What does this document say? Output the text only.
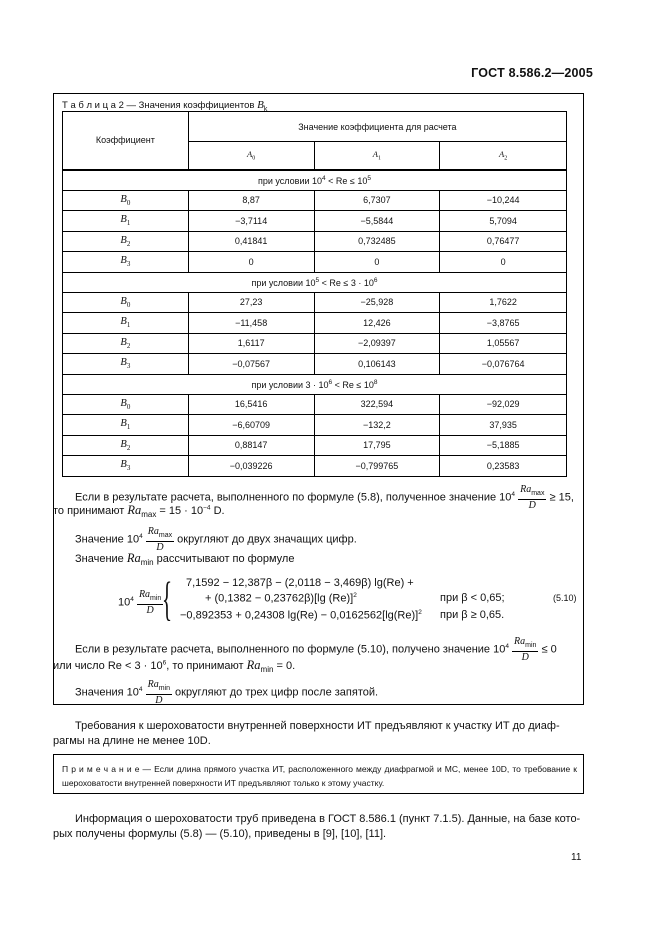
ГОСТ 8.586.2—2005
Т а б л и ц а 2 — Значения коэффициентов $B_k$
Коэффициент	Значение коэффициента для расчета		
	$A_0$	$A_1$	$A_2$
при условии $10^4 < Re \le 10^5$
$B_0$	8,87	6,7307	−10,244
$B_1$	−3,7114	−5,5844	5,7094
$B_2$	0,41841	0,732485	0,76477
$B_3$	0	0	0
при условии $10^5 < Re \le 3 \cdot 10^6$
$B_0$	27,23	−25,928	1,7622
$B_1$	−11,458	12,426	−3,8765
$B_2$	1,6117	−2,09397	1,05567
$B_3$	−0,07567	0,106143	−0,076764
при условии $3 \cdot 10^6 < Re \le 10^8$
$B_0$	16,5416	322,594	−92,029
$B_1$	−6,60709	−132,2	37,935
$B_2$	0,88147	17,795	−5,1885
$B_3$	−0,039226	−0,799765	0,23583
Если в результате расчета, выполненного по формуле (5.8), полученное значение $10^4 \frac{Ra_{max}}{D} \ge 15$,
то принимают $Ra_{max} = 15 \cdot 10^{-4}$ D.
Значение $10^4 \frac{Ra_{max}}{D}$ округляют до двух значащих цифр.
Значение $Ra_{min}$ рассчитывают по формуле
$10^4 \frac{Ra_{min}}{D}$
{ 7,1592 − 12,387β − (2,0118 − 3,469β) lg(Re) +
+ (0,1382 − 0,23762β)[lg (Re)]$^2$
−0,892353 + 0,24308 $\lg(Re) - 0,0162562[\lg(Re)]^2$
при β < 0,65;
при β ≥ 0,65.
(5.10)
Если в результате расчета, выполненного по формуле (5.10), получено значение $10^4 \frac{Ra_{min}}{D} \le 0$
или число $Re < 3 \cdot 10^6$, то принимают $Ra_{min} = 0$.
Значения $10^4 \frac{Ra_{min}}{D}$ округляют до трех цифр после запятой.
Требования к шероховатости внутренней поверхности ИТ предъявляют к участку ИТ до диаф-
рагмы на длине не менее 10D.
П р и м е ч а н и е — Если длина прямого участка ИТ, расположенного между диафрагмой и МС, менее 10D, то требование к шероховатости внутренней поверхности ИТ предъявляют только к этому участку.
Информация о шероховатости труб приведена в ГОСТ 8.586.1 (пункт 7.1.5). Данные, на базе кото-
рых получены формулы (5.8) — (5.10), приведены в [9], [10], [11].
11
